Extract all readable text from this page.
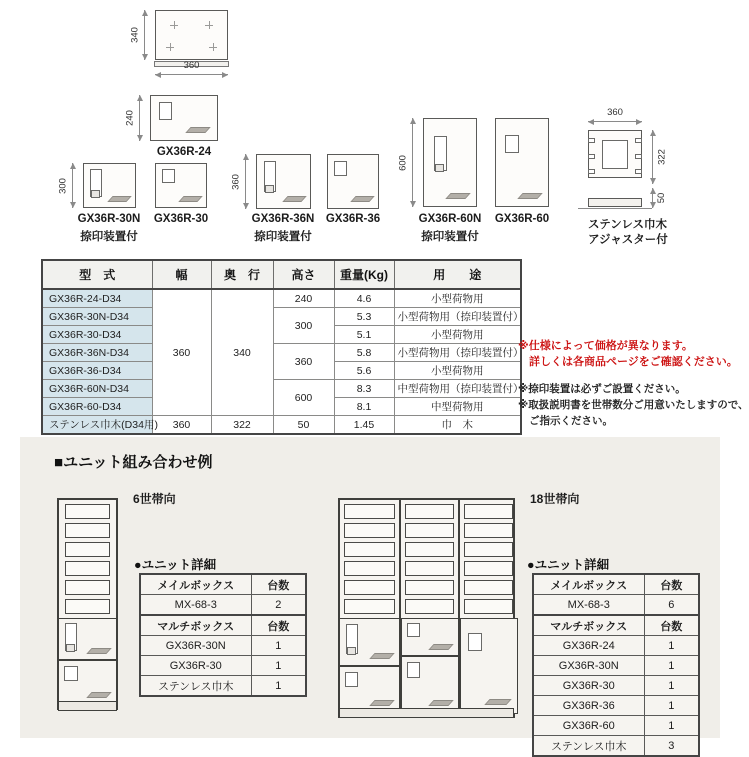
340
360
240
GX36R-24
300
GX36R-30N
捺印装置付
GX36R-30
360
GX36R-36N
捺印装置付
GX36R-36
600
GX36R-60N
捺印装置付
GX36R-60
360
322
50
ステンレス巾木
アジャスター付
型　式	幅	奥　行	高さ	重量(Kg)	用　　途
GX36R-24-D34	360	340	240	4.6	小型荷物用
GX36R-30N-D34			300	5.3	小型荷物用（捺印装置付）
GX36R-30-D34				5.1	小型荷物用
GX36R-36N-D34			360	5.8	小型荷物用（捺印装置付）
GX36R-36-D34				5.6	小型荷物用
GX36R-60N-D34			600	8.3	中型荷物用（捺印装置付）
GX36R-60-D34				8.1	中型荷物用
ステンレス巾木(D34用)	360	322	50	1.45	巾　木
※仕様によって価格が異なります。
詳しくは各商品ページをご確認ください。
※捺印装置は必ずご設置ください。
※取扱説明書を世帯数分ご用意いたしますので、
ご指示ください。
■ユニット組み合わせ例
6世帯向
●ユニット詳細
メイルボックス	台数
MX-68-3	2
マルチボックス	台数
GX36R-30N	1
GX36R-30	1
ステンレス巾木	1
18世帯向
●ユニット詳細
メイルボックス	台数
MX-68-3	6
マルチボックス	台数
GX36R-24	1
GX36R-30N	1
GX36R-30	1
GX36R-36	1
GX36R-60	1
ステンレス巾木	3
